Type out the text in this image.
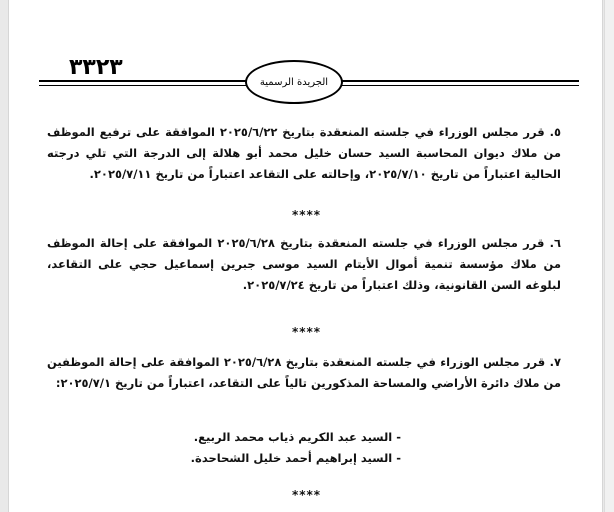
٣٣٢٣
الجريدة الرسمية
٥. قرر مجلس الوزراء في جلسته المنعقدة بتاريخ ٢٠٢٥/٦/٢٢ الموافقة على ترفيع الموظف من ملاك ديوان المحاسبة السيد حسان خليل محمد أبو هلالة إلى الدرجة التي تلي درجته الحالية اعتباراً من تاريخ ٢٠٢٥/٧/١٠، وإحالته على التقاعد اعتباراً من تاريخ ٢٠٢٥/٧/١١.
****
٦. قرر مجلس الوزراء في جلسته المنعقدة بتاريخ ٢٠٢٥/٦/٢٨ الموافقة على إحالة الموظف من ملاك مؤسسة تنمية أموال الأيتام السيد موسى جبرين إسماعيل حجي على التقاعد، لبلوغه السن القانونية، وذلك اعتباراً من تاريخ ٢٠٢٥/٧/٢٤.
****
٧. قرر مجلس الوزراء في جلسته المنعقدة بتاريخ ٢٠٢٥/٦/٢٨ الموافقة على إحالة الموظفين من ملاك دائرة الأراضي والمساحة المذكورين تالياً على التقاعد، اعتباراً من تاريخ ٢٠٢٥/٧/١:
- السيد عبد الكريم ذياب محمد الربيع.
- السيد إبراهيم أحمد خليل الشحاحدة.
****
